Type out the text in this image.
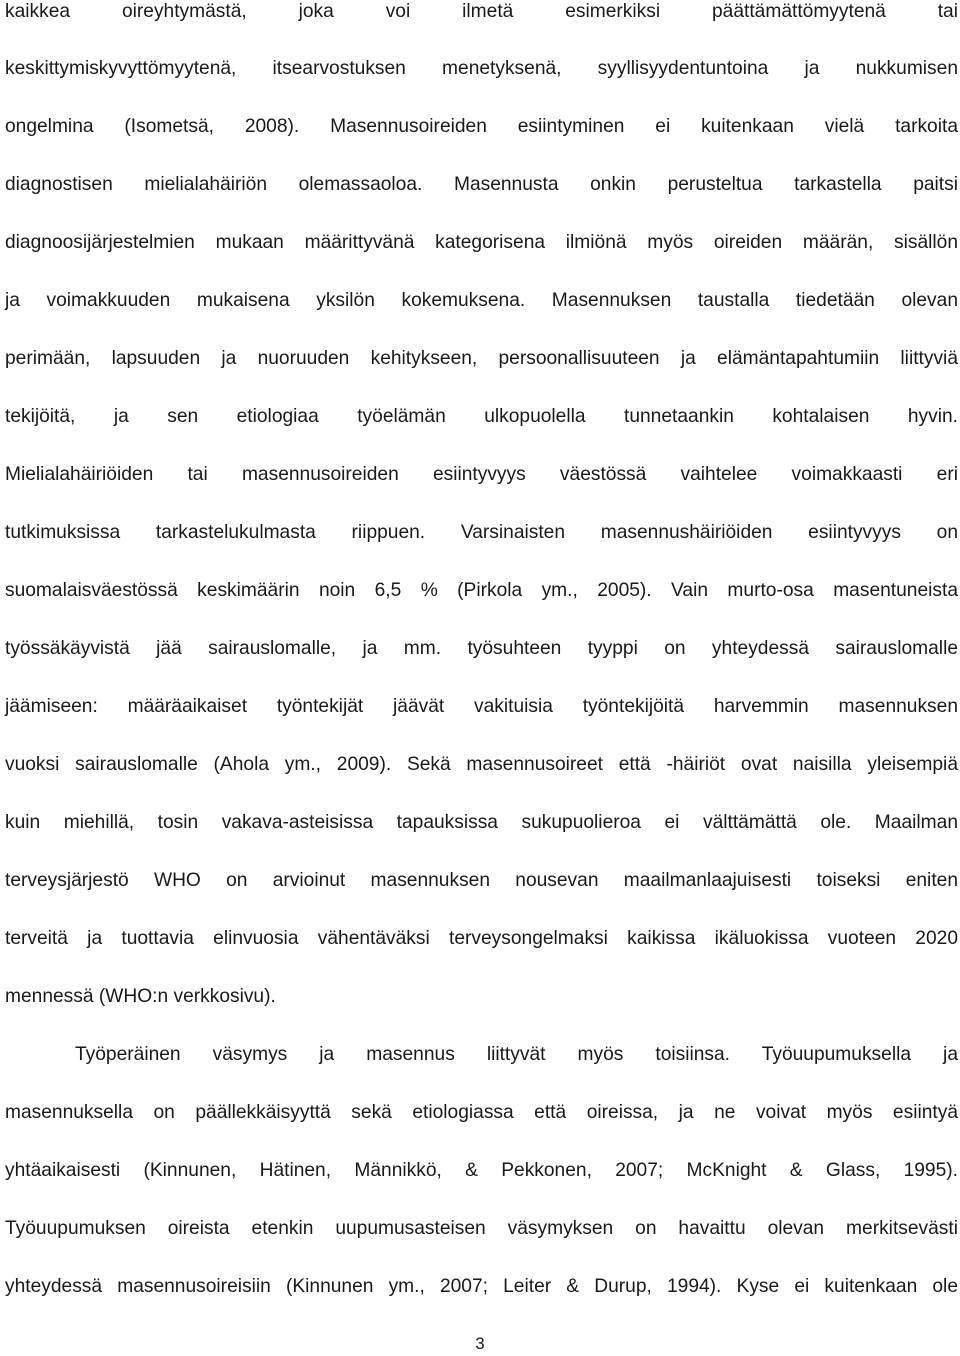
kaikkea oireyhtymästä, joka voi ilmetä esimerkiksi päättämättömyytenä tai
keskittymiskyvyttömyytenä, itsearvostuksen menetyksenä, syyllisyydentuntoina ja nukkumisen
ongelmina (Isometsä, 2008). Masennusoireiden esiintyminen ei kuitenkaan vielä tarkoita
diagnostisen mielialahäiriön olemassaoloa. Masennusta onkin perusteltua tarkastella paitsi
diagnoosijärjestelmien mukaan määrittyvänä kategorisena ilmiönä myös oireiden määrän, sisällön
ja voimakkuuden mukaisena yksilön kokemuksena. Masennuksen taustalla tiedetään olevan
perimään, lapsuuden ja nuoruuden kehitykseen, persoonallisuuteen ja elämäntapahtumiin liittyviä
tekijöitä, ja sen etiologiaa työelämän ulkopuolella tunnetaankin kohtalaisen hyvin.
Mielialahäiriöiden tai masennusoireiden esiintyvyys väestössä vaihtelee voimakkaasti eri
tutkimuksissa tarkastelukulmasta riippuen. Varsinaisten masennushäiriöiden esiintyvyys on
suomalaisväestössä keskimäärin noin 6,5 % (Pirkola ym., 2005). Vain murto-osa masentuneista
työssäkäyvistä jää sairauslomalle, ja mm. työsuhteen tyyppi on yhteydessä sairauslomalle
jäämiseen: määräaikaiset työntekijät jäävät vakituisia työntekijöitä harvemmin masennuksen
vuoksi sairauslomalle (Ahola ym., 2009). Sekä masennusoireet että -häiriöt ovat naisilla yleisempiä
kuin miehillä, tosin vakava-asteisissa tapauksissa sukupuolieroa ei välttämättä ole. Maailman
terveysjärjestö WHO on arvioinut masennuksen nousevan maailmanlaajuisesti toiseksi eniten
terveitä ja tuottavia elinvuosia vähentäväksi terveysongelmaksi kaikissa ikäluokissa vuoteen 2020
mennessä (WHO:n verkkosivu).
Työperäinen väsymys ja masennus liittyvät myös toisiinsa. Työuupumuksella ja
masennuksella on päällekkäisyyttä sekä etiologiassa että oireissa, ja ne voivat myös esiintyä
yhtäaikaisesti (Kinnunen, Hätinen, Männikkö, & Pekkonen, 2007; McKnight & Glass, 1995).
Työuupumuksen oireista etenkin uupumusasteisen väsymyksen on havaittu olevan merkitsevästi
yhteydessä masennusoireisiin (Kinnunen ym., 2007; Leiter & Durup, 1994). Kyse ei kuitenkaan ole
3
